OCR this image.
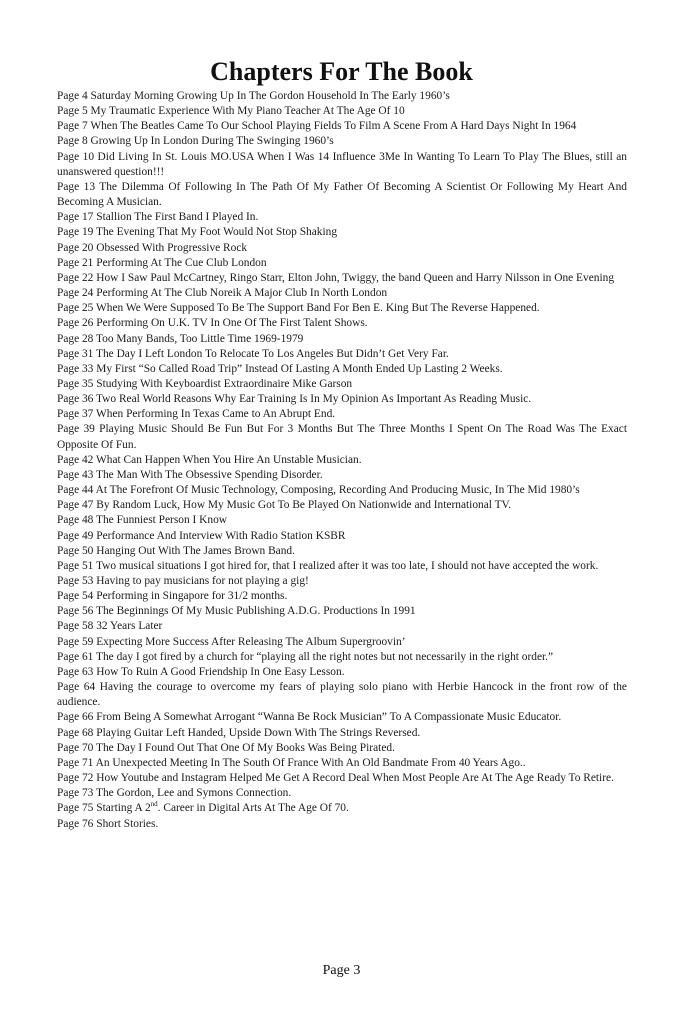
Chapters For The Book
Page 4 Saturday Morning Growing Up In The Gordon Household In The Early 1960’s
Page 5 My Traumatic Experience With My Piano Teacher At The Age Of 10
Page 7 When The Beatles Came To Our School Playing Fields To Film A Scene From A Hard Days Night In 1964
Page 8 Growing Up In London During The Swinging 1960’s
Page 10 Did Living In St. Louis MO.USA When I Was 14 Influence 3Me In Wanting To Learn To Play The Blues, still an unanswered question!!!
Page 13 The Dilemma Of Following In The Path Of My Father Of Becoming A Scientist Or Following My Heart And Becoming A Musician.
Page 17 Stallion The First Band I Played In.
Page 19 The Evening That My Foot Would Not Stop Shaking
Page 20 Obsessed With Progressive Rock
Page 21 Performing At The Cue Club London
Page 22 How I Saw Paul McCartney, Ringo Starr, Elton John, Twiggy, the band Queen and Harry Nilsson in One Evening
Page 24 Performing At The Club Noreik A Major Club In North London
Page 25 When We Were Supposed To Be The Support Band For Ben E. King But The Reverse Happened.
Page 26 Performing On U.K. TV In One Of The First Talent Shows.
Page 28 Too Many Bands, Too Little Time 1969-1979
Page 31 The Day I Left London To Relocate To Los Angeles But Didn’t Get Very Far.
Page 33 My First “So Called Road Trip” Instead Of Lasting A Month Ended Up Lasting 2 Weeks.
Page 35 Studying With Keyboardist Extraordinaire Mike Garson
Page 36 Two Real World Reasons Why Ear Training Is In My Opinion As Important As Reading Music.
Page 37 When Performing In Texas Came to An Abrupt End.
Page 39 Playing Music Should Be Fun But For 3 Months But The Three Months I Spent On The Road Was The Exact Opposite Of Fun.
Page 42 What Can Happen When You Hire An Unstable Musician.
Page 43 The Man With The Obsessive Spending Disorder.
Page 44 At The Forefront Of Music Technology, Composing, Recording And Producing Music, In The Mid 1980’s
Page 47 By Random Luck, How My Music Got To Be Played On Nationwide and International TV.
Page 48 The Funniest Person I Know
Page 49 Performance And Interview With Radio Station KSBR
Page 50 Hanging Out With The James Brown Band.
Page 51 Two musical situations I got hired for, that I realized after it was too late, I should not have accepted the work.
Page 53 Having to pay musicians for not playing a gig!
Page 54 Performing in Singapore for 31/2 months.
Page 56 The Beginnings Of My Music Publishing A.D.G. Productions In 1991
Page 58 32 Years Later
Page 59 Expecting More Success After Releasing The Album Supergroovin’
Page 61 The day I got fired by a church for “playing all the right notes but not necessarily in the right order.”
Page 63 How To Ruin A Good Friendship In One Easy Lesson.
Page 64 Having the courage to overcome my fears of playing solo piano with Herbie Hancock in the front row of the audience.
Page 66 From Being A Somewhat Arrogant “Wanna Be Rock Musician” To A Compassionate Music Educator.
Page 68 Playing Guitar Left Handed, Upside Down With The Strings Reversed.
Page 70 The Day I Found Out That One Of My Books Was Being Pirated.
Page 71 An Unexpected Meeting In The South Of France With An Old Bandmate From 40 Years Ago..
Page 72 How Youtube and Instagram Helped Me Get A Record Deal When Most People Are At The Age Ready To Retire.
Page 73 The Gordon, Lee and Symons Connection.
Page 75 Starting A 2nd. Career in Digital Arts At The Age Of 70.
Page 76 Short Stories.
Page 3
